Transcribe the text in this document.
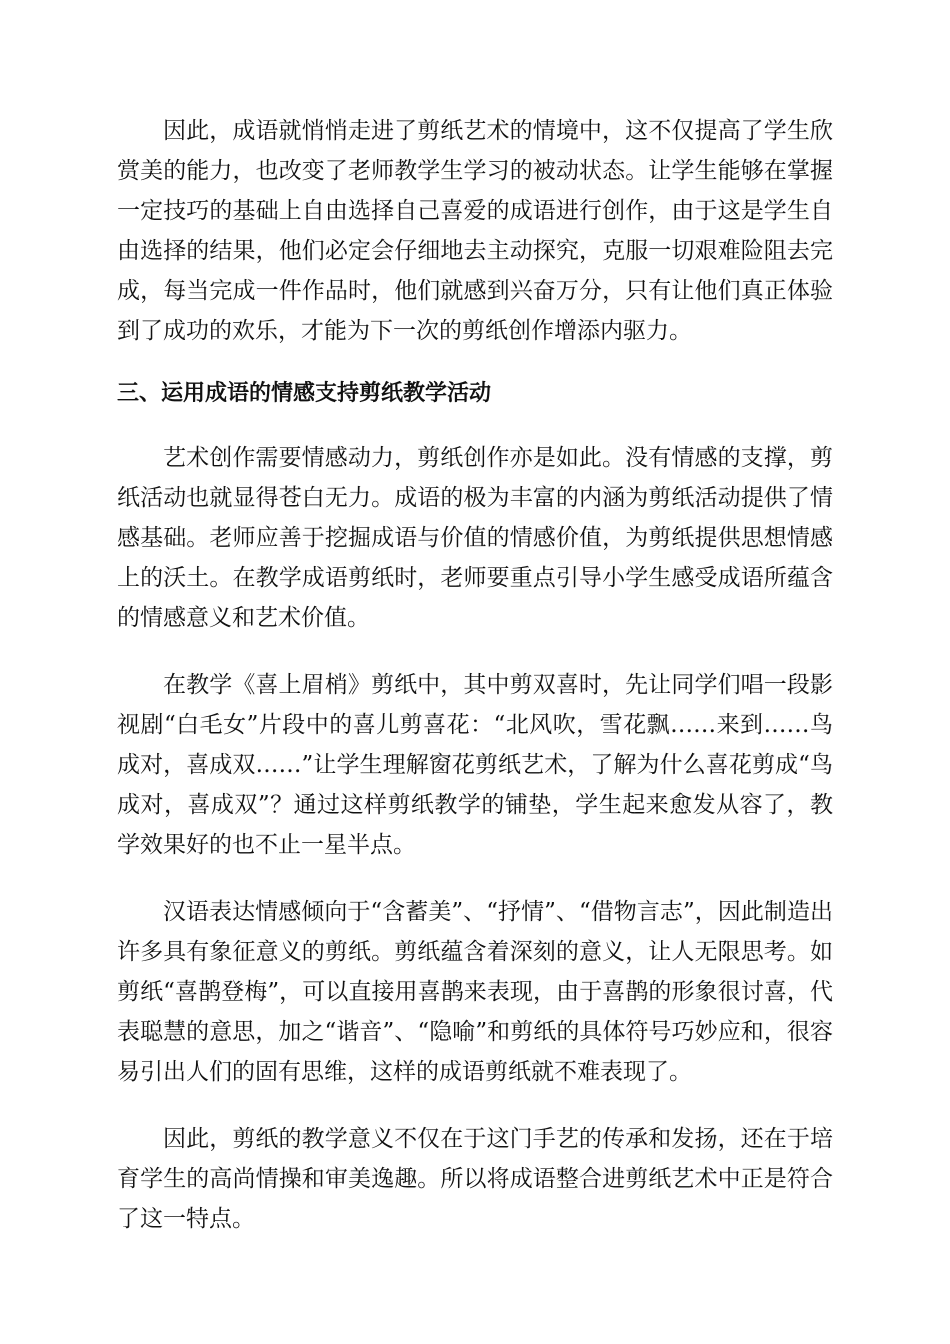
因此，成语就悄悄走进了剪纸艺术的情境中，这不仅提高了学生欣赏美的能力，也改变了老师教学生学习的被动状态。让学生能够在掌握一定技巧的基础上自由选择自己喜爱的成语进行创作，由于这是学生自由选择的结果，他们必定会仔细地去主动探究，克服一切艰难险阻去完成，每当完成一件作品时，他们就感到兴奋万分，只有让他们真正体验到了成功的欢乐，才能为下一次的剪纸创作增添内驱力。

三、运用成语的情感支持剪纸教学活动

艺术创作需要情感动力，剪纸创作亦是如此。没有情感的支撑，剪纸活动也就显得苍白无力。成语的极为丰富的内涵为剪纸活动提供了情感基础。老师应善于挖掘成语与价值的情感价值，为剪纸提供思想情感上的沃土。在教学成语剪纸时，老师要重点引导小学生感受成语所蕴含的情感意义和艺术价值。

在教学《喜上眉梢》剪纸中，其中剪双喜时，先让同学们唱一段影视剧“白毛女”片段中的喜儿剪喜花：“北风吹，雪花飘……来到……鸟成对，喜成双……”让学生理解窗花剪纸艺术，了解为什么喜花剪成“鸟成对，喜成双”？通过这样剪纸教学的铺垫，学生起来愈发从容了，教学效果好的也不止一星半点。

汉语表达情感倾向于“含蓄美”、“抒情”、“借物言志”，因此制造出许多具有象征意义的剪纸。剪纸蕴含着深刻的意义，让人无限思考。如剪纸“喜鹊登梅”，可以直接用喜鹊来表现，由于喜鹊的形象很讨喜，代表聪慧的意思，加之“谐音”、“隐喻”和剪纸的具体符号巧妙应和，很容易引出人们的固有思维，这样的成语剪纸就不难表现了。

因此，剪纸的教学意义不仅在于这门手艺的传承和发扬，还在于培育学生的高尚情操和审美逸趣。所以将成语整合进剪纸艺术中正是符合了这一特点。
